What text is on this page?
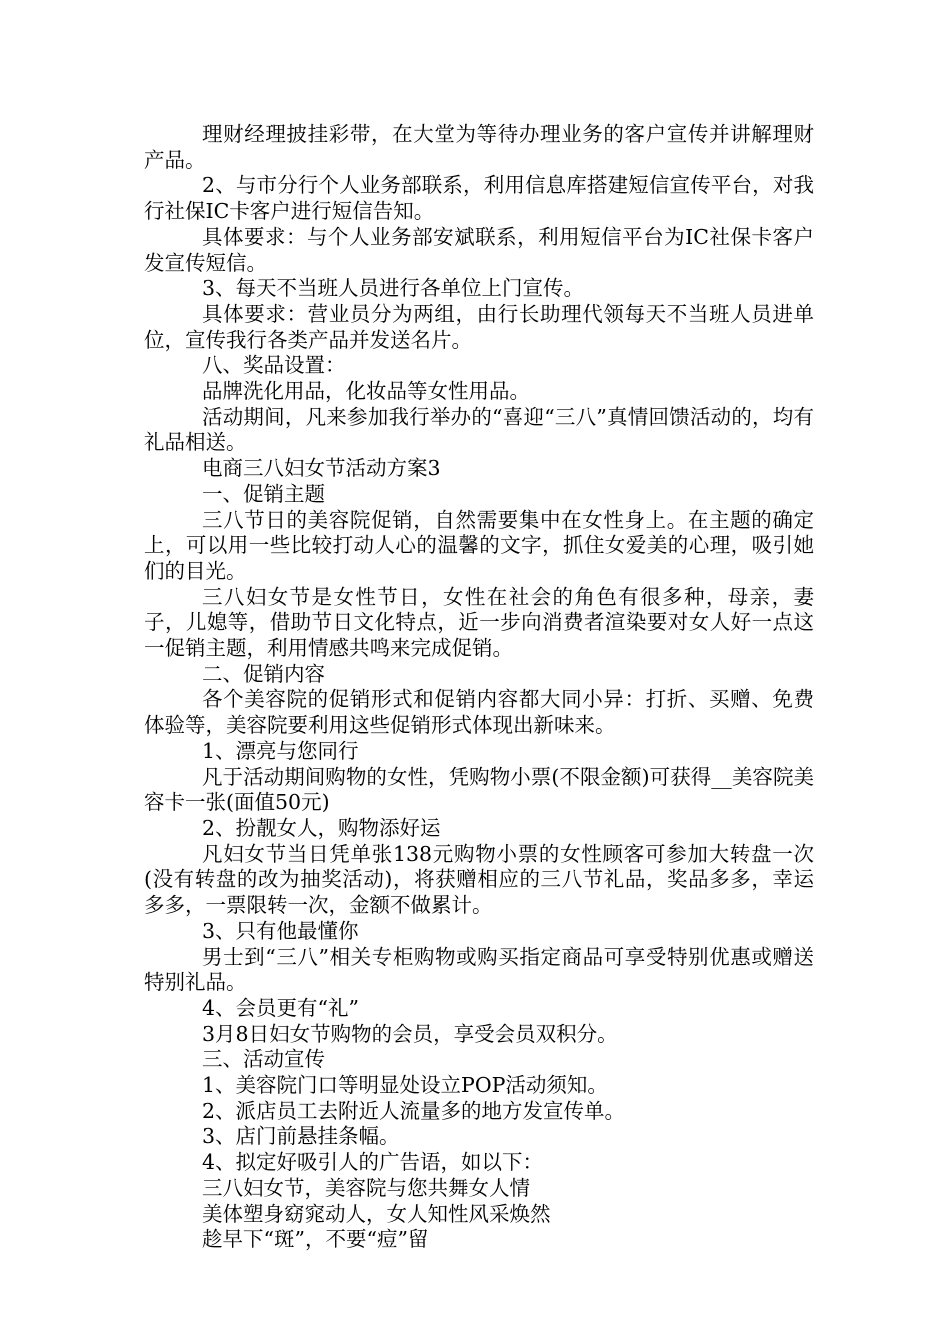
理财经理披挂彩带，在大堂为等待办理业务的客户宣传并讲解理财产品。

2、与市分行个人业务部联系，利用信息库搭建短信宣传平台，对我行社保IC卡客户进行短信告知。

具体要求：与个人业务部安斌联系，利用短信平台为IC社保卡客户发宣传短信。

3、每天不当班人员进行各单位上门宣传。

具体要求：营业员分为两组，由行长助理代领每天不当班人员进单位，宣传我行各类产品并发送名片。

八、奖品设置：

品牌洗化用品，化妆品等女性用品。

活动期间，凡来参加我行举办的“喜迎“三八”真情回馈活动的，均有礼品相送。

电商三八妇女节活动方案3

一、促销主题

三八节日的美容院促销，自然需要集中在女性身上。在主题的确定上，可以用一些比较打动人心的温馨的文字，抓住女爱美的心理，吸引她们的目光。

三八妇女节是女性节日，女性在社会的角色有很多种，母亲，妻子，儿媳等，借助节日文化特点，近一步向消费者渲染要对女人好一点这一促销主题，利用情感共鸣来完成促销。

二、促销内容

各个美容院的促销形式和促销内容都大同小异：打折、买赠、免费体验等，美容院要利用这些促销形式体现出新味来。

1、漂亮与您同行

凡于活动期间购物的女性，凭购物小票(不限金额)可获得__美容院美容卡一张(面值50元)

2、扮靓女人，购物添好运

凡妇女节当日凭单张138元购物小票的女性顾客可参加大转盘一次(没有转盘的改为抽奖活动)，将获赠相应的三八节礼品，奖品多多，幸运多多，一票限转一次，金额不做累计。

3、只有他最懂你

男士到“三八”相关专柜购物或购买指定商品可享受特别优惠或赠送特别礼品。

4、会员更有“礼”

3月8日妇女节购物的会员，享受会员双积分。

三、活动宣传

1、美容院门口等明显处设立POP活动须知。

2、派店员工去附近人流量多的地方发宣传单。

3、店门前悬挂条幅。

4、拟定好吸引人的广告语，如以下：

三八妇女节，美容院与您共舞女人情

美体塑身窈窕动人，女人知性风采焕然

趁早下“斑”，不要“痘”留
